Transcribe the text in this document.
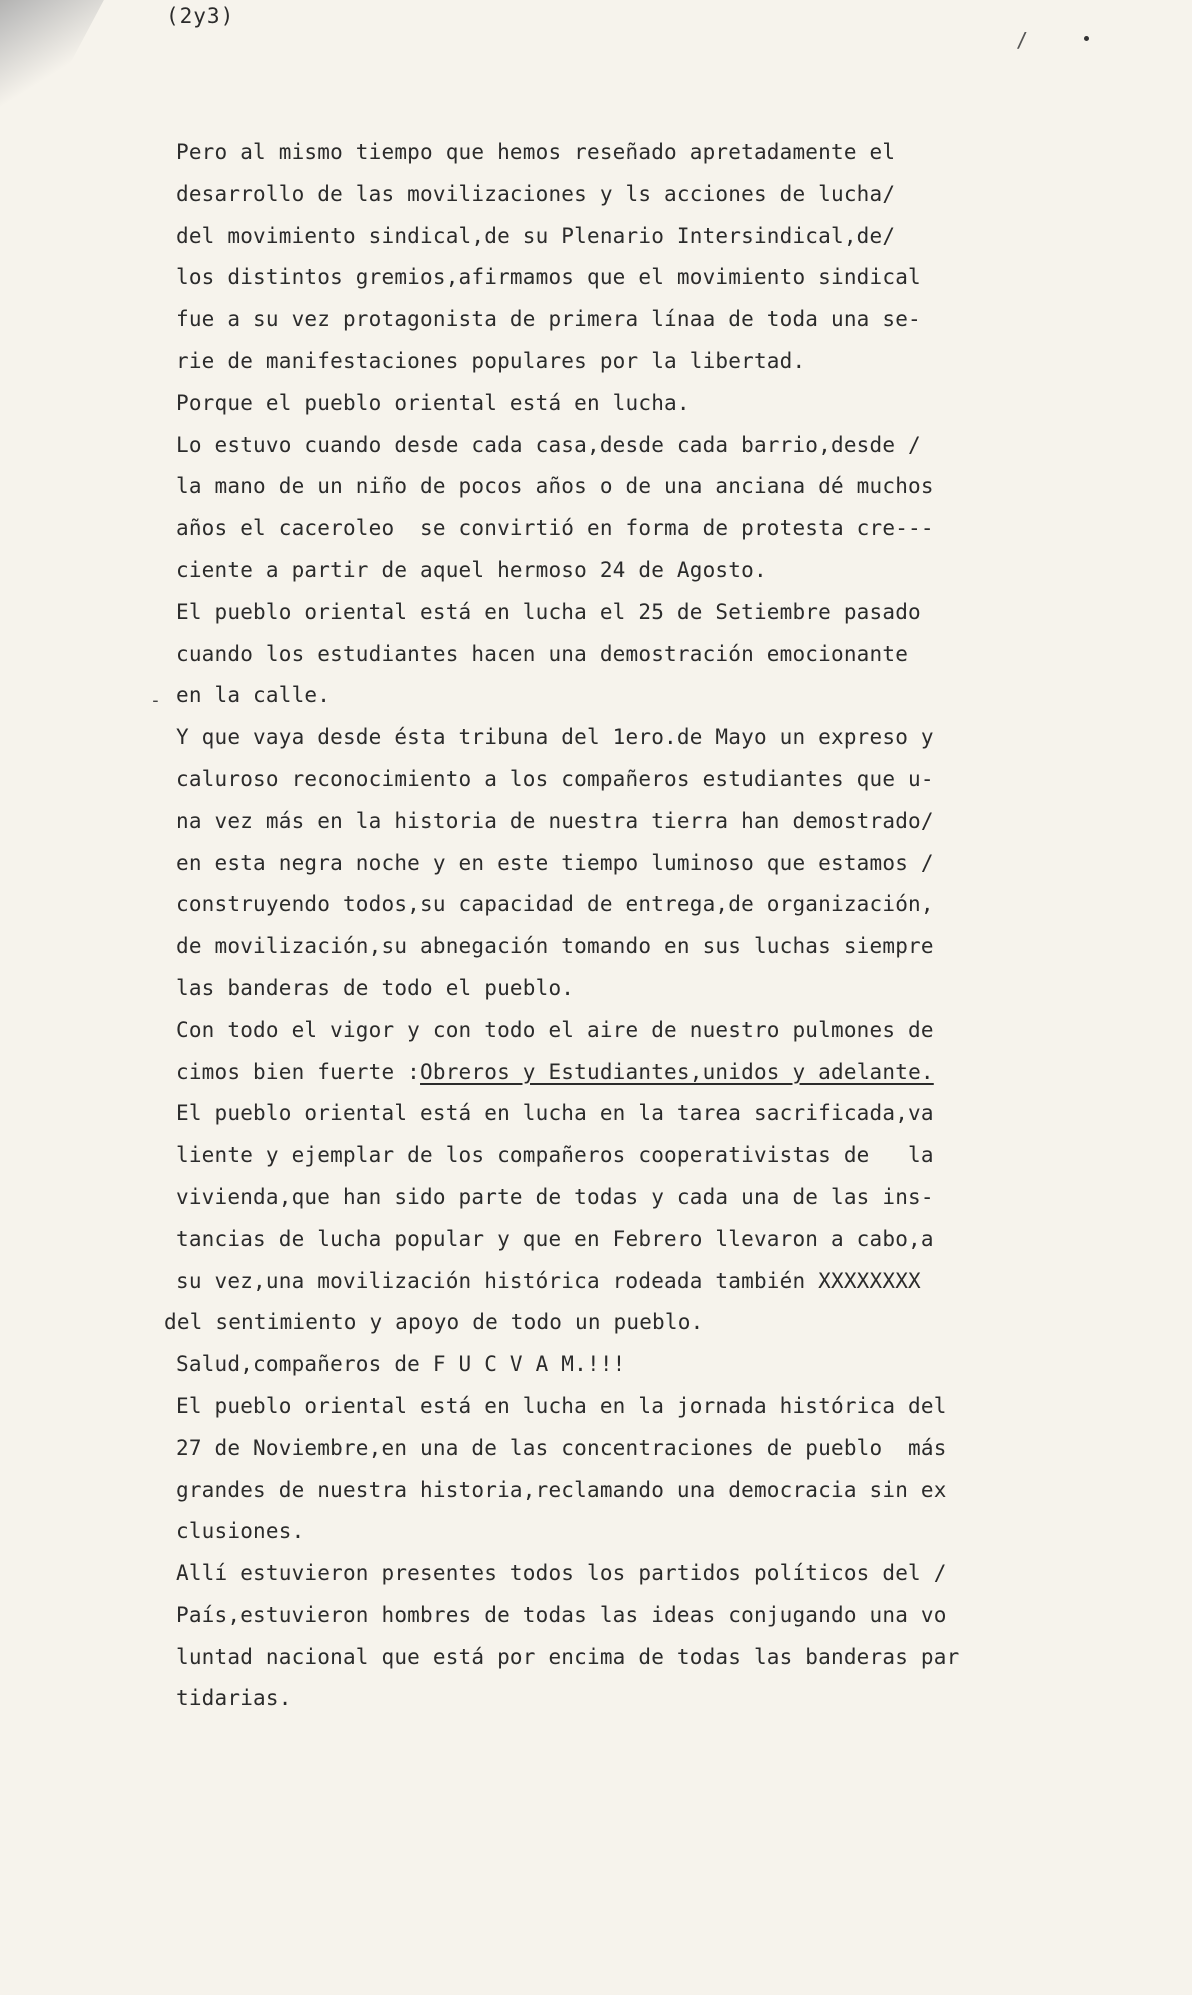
(2y3)
/
-
Pero al mismo tiempo que hemos reseñado apretadamente el
desarrollo de las movilizaciones y ls acciones de lucha/
del movimiento sindical,de su Plenario Intersindical,de/
los distintos gremios,afirmamos que el movimiento sindical
fue a su vez protagonista de primera línaa de toda una se-
rie de manifestaciones populares por la libertad.
Porque el pueblo oriental está en lucha.
Lo estuvo cuando desde cada casa,desde cada barrio,desde /
la mano de un niño de pocos años o de una anciana dé muchos
años el caceroleo  se convirtió en forma de protesta cre---
ciente a partir de aquel hermoso 24 de Agosto.
El pueblo oriental está en lucha el 25 de Setiembre pasado
cuando los estudiantes hacen una demostración emocionante
en la calle.
Y que vaya desde ésta tribuna del 1ero.de Mayo un expreso y
caluroso reconocimiento a los compañeros estudiantes que u-
na vez más en la historia de nuestra tierra han demostrado/
en esta negra noche y en este tiempo luminoso que estamos /
construyendo todos,su capacidad de entrega,de organización,
de movilización,su abnegación tomando en sus luchas siempre
las banderas de todo el pueblo.
Con todo el vigor y con todo el aire de nuestro pulmones de
cimos bien fuerte :Obreros y Estudiantes,unidos y adelante.
El pueblo oriental está en lucha en la tarea sacrificada,va
liente y ejemplar de los compañeros cooperativistas de   la
vivienda,que han sido parte de todas y cada una de las ins-
tancias de lucha popular y que en Febrero llevaron a cabo,a
su vez,una movilización histórica rodeada también XXXXXXXX
del sentimiento y apoyo de todo un pueblo.
Salud,compañeros de F U C V A M.!!!
El pueblo oriental está en lucha en la jornada histórica del
27 de Noviembre,en una de las concentraciones de pueblo  más
grandes de nuestra historia,reclamando una democracia sin ex
clusiones.
Allí estuvieron presentes todos los partidos políticos del /
País,estuvieron hombres de todas las ideas conjugando una vo
luntad nacional que está por encima de todas las banderas par
tidarias.
